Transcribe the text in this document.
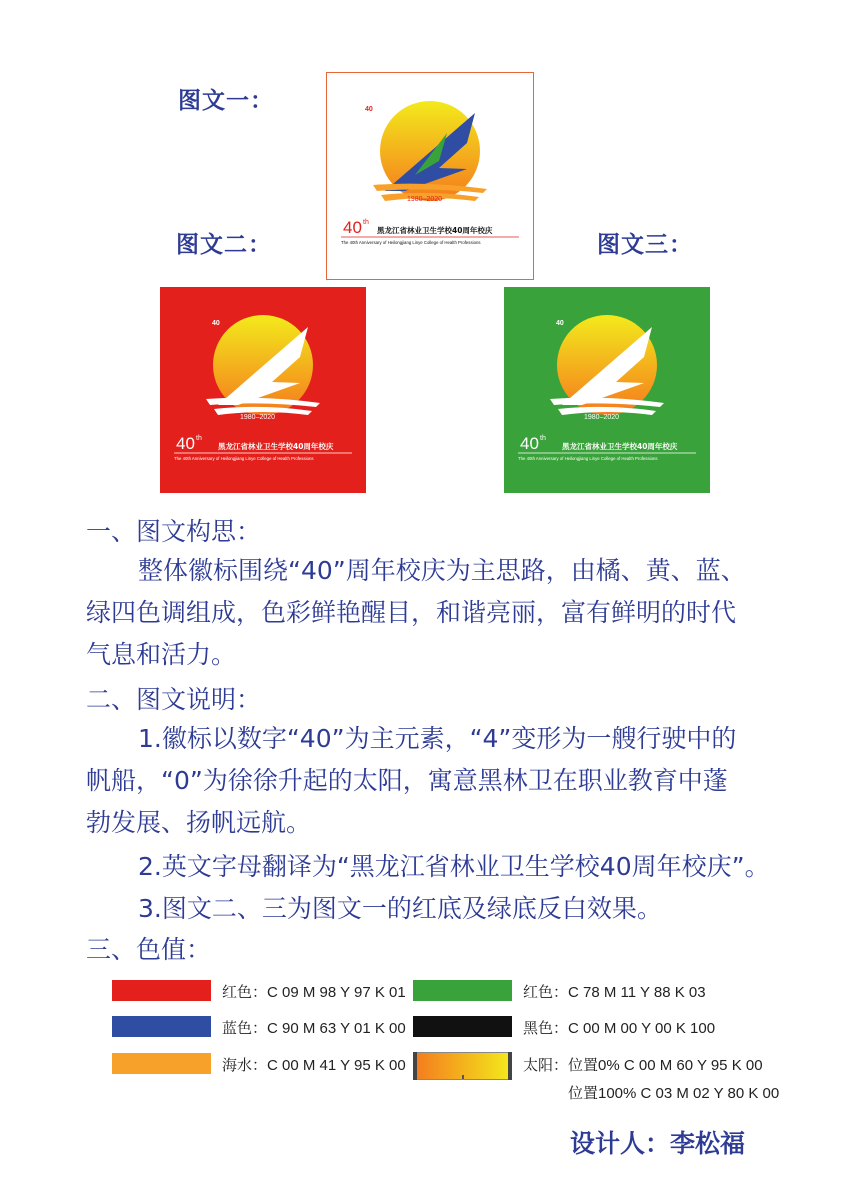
图文一：
图文二：	图文三：
40
1980–2020
40 th
黑龙江省林业卫生学校40周年校庆
The 40th Anniversary of Heilongjiang Linye College of Health Professions
40
1980–2020
40 th
黑龙江省林业卫生学校40周年校庆
The 40th Anniversary of Heilongjiang Linye College of Health Professions
40
1980–2020
40 th
黑龙江省林业卫生学校40周年校庆
The 40th Anniversary of Heilongjiang Linye College of Health Professions
一、图文构思：
整体徽标围绕“40”周年校庆为主思路，由橘、黄、蓝、
绿四色调组成，色彩鲜艳醒目，和谐亮丽，富有鲜明的时代
气息和活力。
二、图文说明：
1.徽标以数字“40”为主元素，“4”变形为一艘行驶中的
帆船，“0”为徐徐升起的太阳，寓意黑林卫在职业教育中蓬
勃发展、扬帆远航。
2.英文字母翻译为“黑龙江省林业卫生学校40周年校庆”。
3.图文二、三为图文一的红底及绿底反白效果。
三、色值：
红色：C 09 M 98 Y 97 K 01	红色：C 78 M 11 Y 88 K 03
蓝色：C 90 M 63 Y 01 K 00	黑色：C 00 M 00 Y 00 K 100
海水：C 00 M 41 Y 95 K 00	太阳：位置0% C 00 M 60 Y 95 K 00
位置100% C 03 M 02 Y 80 K 00
设计人：李松福
